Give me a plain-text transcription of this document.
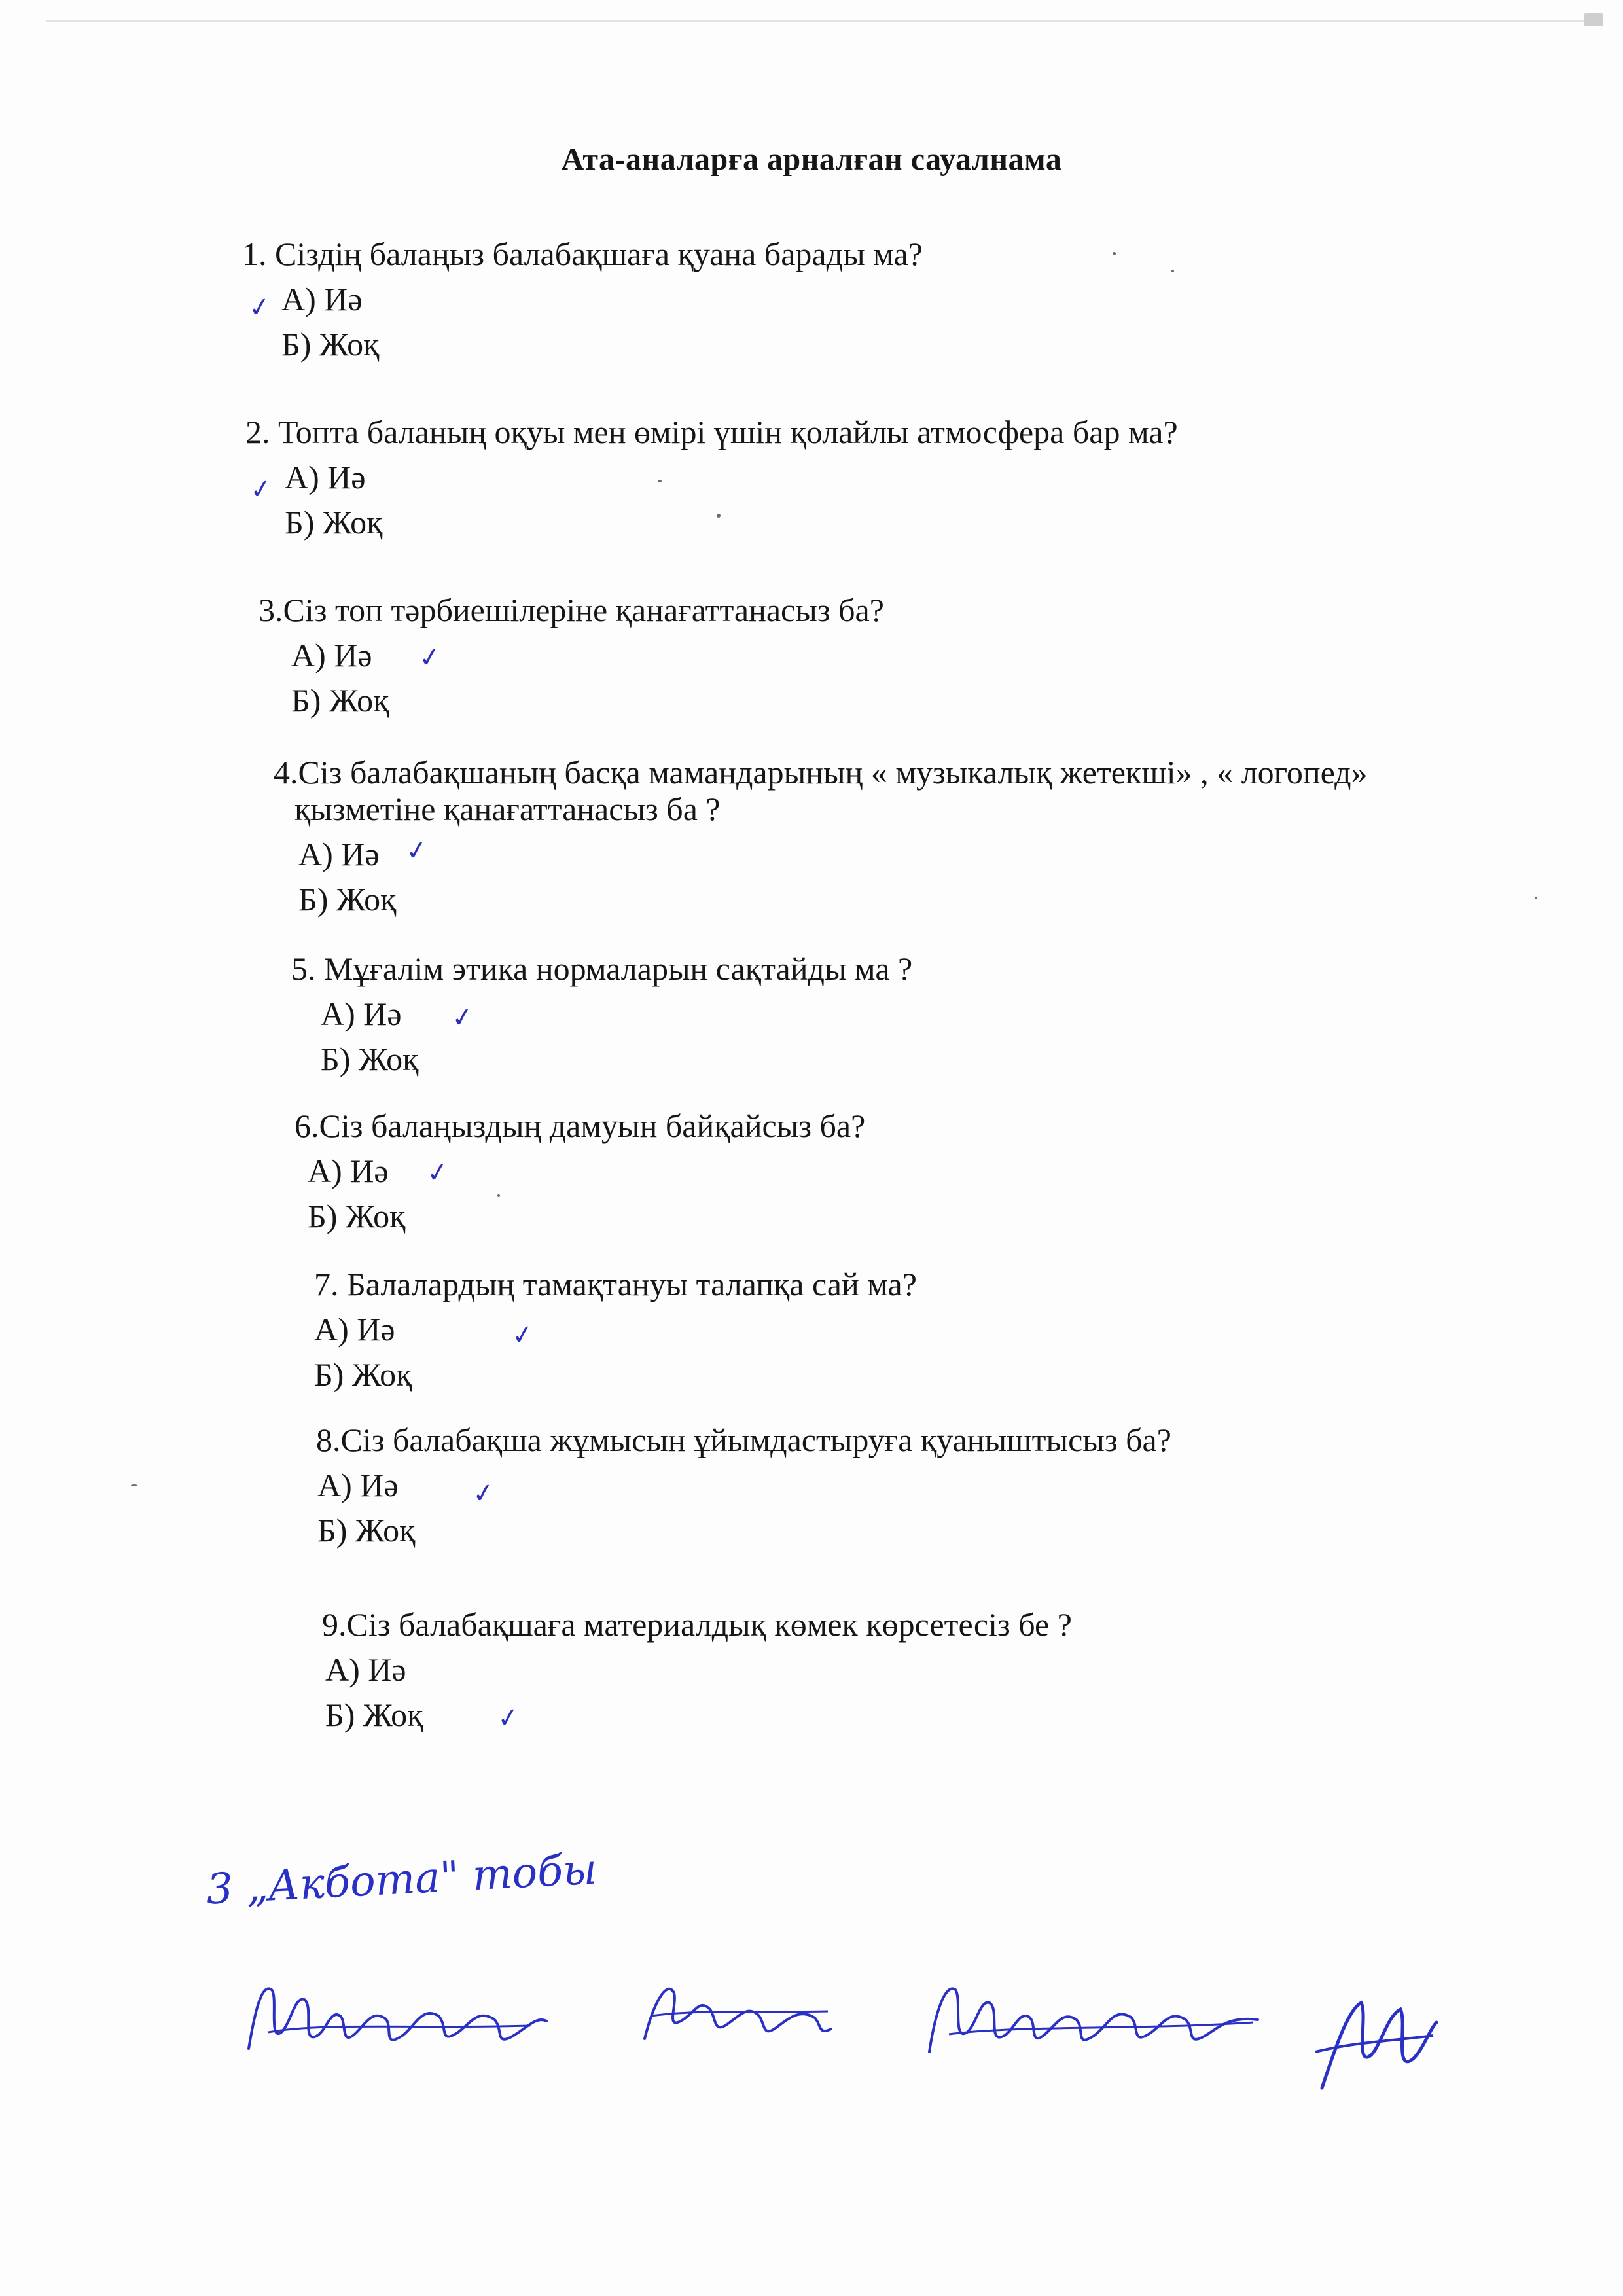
Ата-аналарға арналған сауалнама
1. Сіздің балаңыз балабақшаға қуана барады ма?
А) Иә
Б) Жоқ
✓
2. Топта баланың оқуы мен өмірі үшін қолайлы атмосфера бар ма?
А) Иә
Б) Жоқ
✓
3.Сіз топ тәрбиешілеріне қанағаттанасыз ба?
А) Иә
Б) Жоқ
✓
4.Сіз балабақшаның басқа мамандарының « музыкалық жетекші» , « логопед»
қызметіне қанағаттанасыз ба ?
А) Иә
Б) Жоқ
✓
5. Мұғалім этика нормаларын сақтайды ма ?
А) Иә
Б) Жоқ
✓
6.Сіз балаңыздың дамуын байқайсыз ба?
А) Иә
Б) Жоқ
✓
7. Балалардың тамақтануы талапқа сай ма?
А) Иә
Б) Жоқ
✓
8.Сіз балабақша жұмысын ұйымдастыруға қуаныштысыз ба?
А) Иә
Б) Жоқ
✓
9.Сіз балабақшаға материалдық көмек көрсетесіз бе ?
А) Иә
Б) Жоқ	✓
3 „Акбота" тобы
